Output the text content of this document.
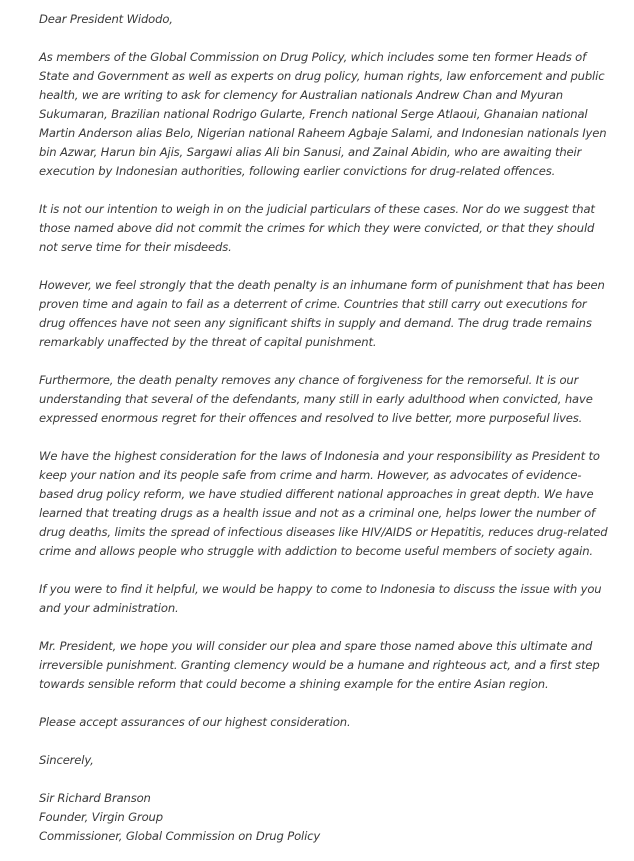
Dear President Widodo,

As members of the Global Commission on Drug Policy, which includes some ten former Heads of State and Government as well as experts on drug policy, human rights, law enforcement and public health, we are writing to ask for clemency for Australian nationals Andrew Chan and Myuran Sukumaran, Brazilian national Rodrigo Gularte, French national Serge Atlaoui, Ghanaian national Martin Anderson alias Belo, Nigerian national Raheem Agbaje Salami, and Indonesian nationals Iyen bin Azwar, Harun bin Ajis, Sargawi alias Ali bin Sanusi, and Zainal Abidin, who are awaiting their execution by Indonesian authorities, following earlier convictions for drug-related offences.

It is not our intention to weigh in on the judicial particulars of these cases. Nor do we suggest that those named above did not commit the crimes for which they were convicted, or that they should not serve time for their misdeeds.

However, we feel strongly that the death penalty is an inhumane form of punishment that has been proven time and again to fail as a deterrent of crime. Countries that still carry out executions for drug offences have not seen any significant shifts in supply and demand. The drug trade remains remarkably unaffected by the threat of capital punishment.

Furthermore, the death penalty removes any chance of forgiveness for the remorseful. It is our understanding that several of the defendants, many still in early adulthood when convicted, have expressed enormous regret for their offences and resolved to live better, more purposeful lives.

We have the highest consideration for the laws of Indonesia and your responsibility as President to keep your nation and its people safe from crime and harm. However, as advocates of evidence-based drug policy reform, we have studied different national approaches in great depth. We have learned that treating drugs as a health issue and not as a criminal one, helps lower the number of drug deaths, limits the spread of infectious diseases like HIV/AIDS or Hepatitis, reduces drug-related crime and allows people who struggle with addiction to become useful members of society again.

If you were to find it helpful, we would be happy to come to Indonesia to discuss the issue with you and your administration.

Mr. President, we hope you will consider our plea and spare those named above this ultimate and irreversible punishment. Granting clemency would be a humane and righteous act, and a first step towards sensible reform that could become a shining example for the entire Asian region.

Please accept assurances of our highest consideration.

Sincerely,

Sir Richard Branson

Founder, Virgin Group

Commissioner, Global Commission on Drug Policy
